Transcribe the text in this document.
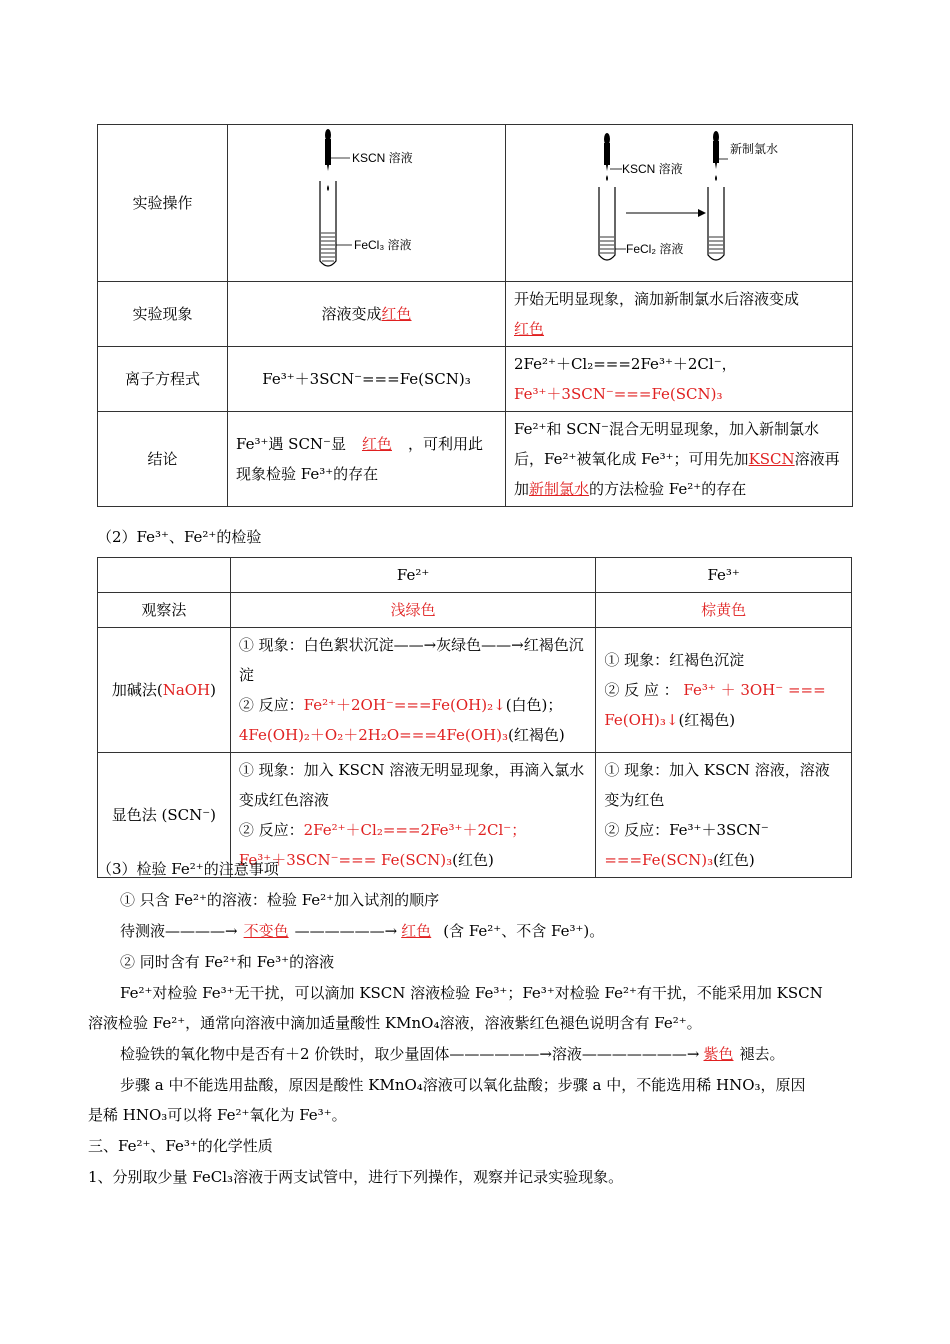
实验操作	KSCN 溶液
FeCl₃ 溶液	KSCN 溶液
FeCl₂ 溶液
新制氯水

实验现象	溶液变成红色	开始无明显现象，滴加新制氯水后溶液变成
红色
离子方程式	Fe³⁺＋3SCN⁻===Fe(SCN)₃	2Fe²⁺＋Cl₂===2Fe³⁺＋2Cl⁻，
Fe³⁺＋3SCN⁻===Fe(SCN)₃
结论	Fe³⁺遇 SCN⁻显 红色 ，可利用此现象检验 Fe³⁺的存在	Fe²⁺和 SCN⁻混合无明显现象，加入新制氯水后，Fe²⁺被氧化成 Fe³⁺；可用先加KSCN溶液再加新制氯水的方法检验 Fe²⁺的存在
（2）Fe³⁺、Fe²⁺的检验
	Fe²⁺	Fe³⁺
观察法	浅绿色	棕黄色
加碱法(NaOH)	① 现象：白色絮状沉淀——→灰绿色——→红褐色沉淀
② 反应：Fe²⁺＋2OH⁻===Fe(OH)₂↓(白色)；
4Fe(OH)₂＋O₂＋2H₂O===4Fe(OH)₃(红褐色)	① 现象：红褐色沉淀
② 反 应 ： Fe³⁺ ＋ 3OH⁻ ===
Fe(OH)₃↓(红褐色)
显色法 (SCN⁻)	① 现象：加入 KSCN 溶液无明显现象，再滴入氯水变成红色溶液
② 反应：2Fe²⁺＋Cl₂===2Fe³⁺＋2Cl⁻；
Fe³⁺＋3SCN⁻=== Fe(SCN)₃(红色)	① 现象：加入 KSCN 溶液，溶液变为红色
② 反应：Fe³⁺＋3SCN⁻
===Fe(SCN)₃(红色)
（3）检验 Fe²⁺的注意事项
① 只含 Fe²⁺的溶液：检验 Fe²⁺加入试剂的顺序
待测液————→ 不变色 ——————→ 红色 (含 Fe²⁺、不含 Fe³⁺)。
② 同时含有 Fe²⁺和 Fe³⁺的溶液
Fe²⁺对检验 Fe³⁺无干扰，可以滴加 KSCN 溶液检验 Fe³⁺；Fe³⁺对检验 Fe²⁺有干扰，不能采用加 KSCN
溶液检验 Fe²⁺，通常向溶液中滴加适量酸性 KMnO₄溶液，溶液紫红色褪色说明含有 Fe²⁺。
检验铁的氧化物中是否有＋2 价铁时，取少量固体——————→溶液———————→ 紫色 褪去。
步骤 a 中不能选用盐酸，原因是酸性 KMnO₄溶液可以氧化盐酸；步骤 a 中，不能选用稀 HNO₃，原因
是稀 HNO₃可以将 Fe²⁺氧化为 Fe³⁺。
三、Fe²⁺、Fe³⁺的化学性质
1、分别取少量 FeCl₃溶液于两支试管中，进行下列操作，观察并记录实验现象。
